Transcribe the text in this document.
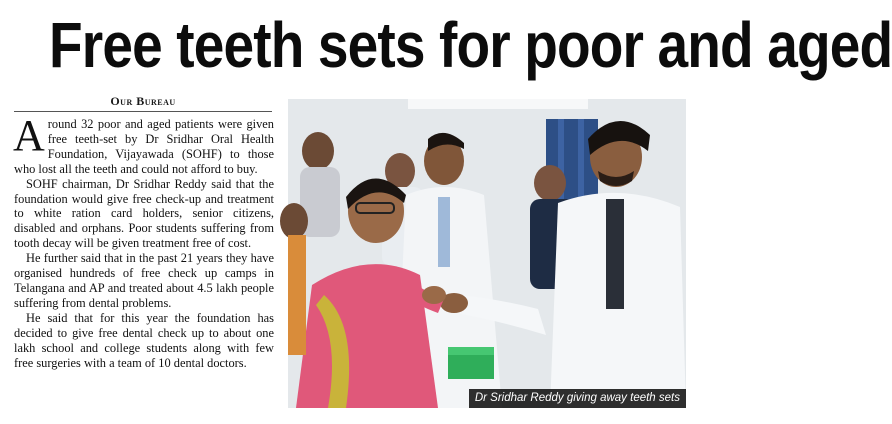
Free teeth sets for poor and aged
Our Bureau

Around 32 poor and aged patients were given free teeth-set by Dr Sridhar Oral Health Foundation, Vijayawada (SOHF) to those who lost all the teeth and could not afford to buy.

SOHF chairman, Dr Sridhar Reddy said that the foundation would give free check-up and treatment to white ration card holders, senior citizens, disabled and orphans. Poor students suffering from tooth decay will be given treatment free of cost.

He further said that in the past 21 years they have organised hundreds of free check up camps in Telangana and AP and treated about 4.5 lakh people suffering from dental problems.

He said that for this year the foundation has decided to give free dental check up to about one lakh school and college students along with few free surgeries with a team of 10 dental doctors.

Dr Sridhar Reddy giving away teeth sets
